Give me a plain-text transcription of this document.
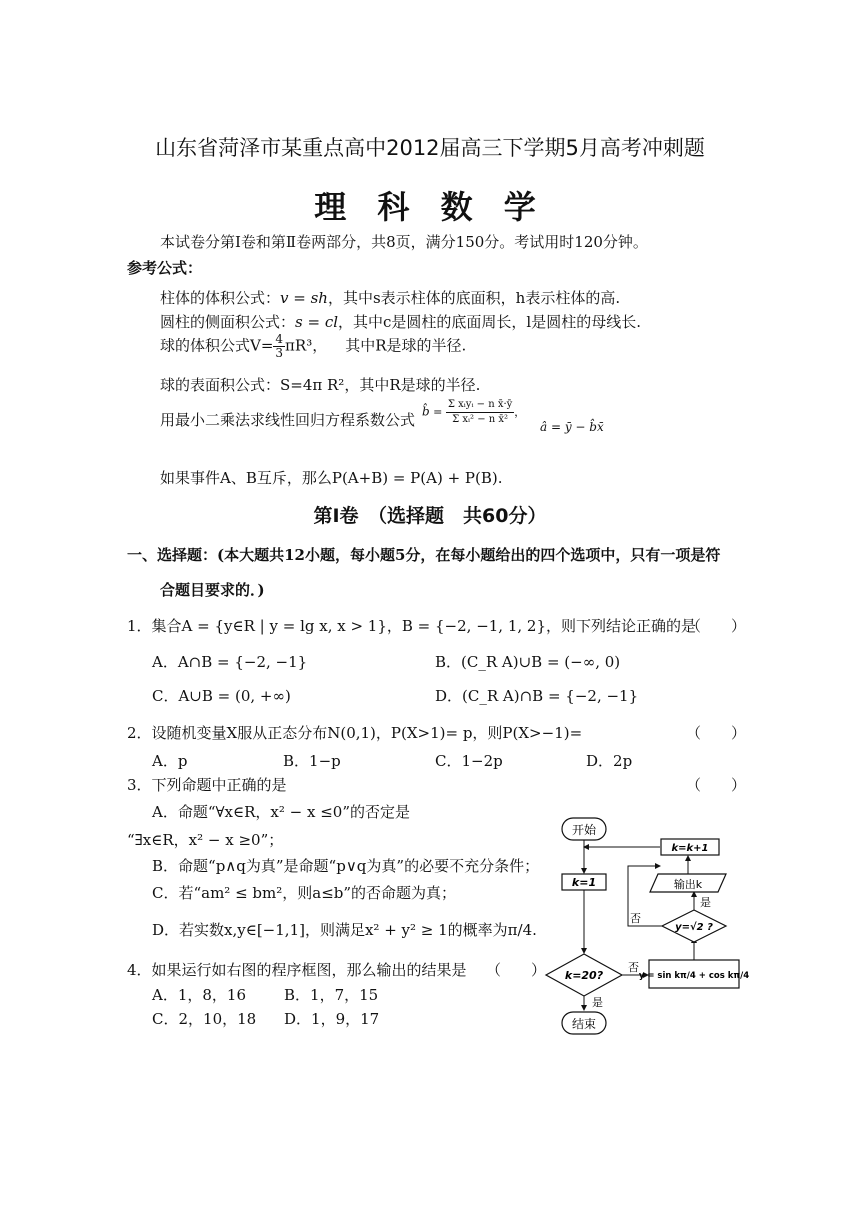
山东省菏泽市某重点高中2012届高三下学期5月高考冲刺题
理 科 数 学
本试卷分第Ⅰ卷和第Ⅱ卷两部分，共8页，满分150分。考试用时120分钟。
参考公式：
柱体的体积公式：v = sh，其中s表示柱体的底面积，h表示柱体的高.
圆柱的侧面积公式：s = cl，其中c是圆柱的底面周长，l是圆柱的母线长.
球的体积公式$V= \frac{4}{3} \pi R^3$， 其中R是球的半径.
球的表面积公式：S=4π R²，其中R是球的半径.
用最小二乘法求线性回归方程系数公式 b̂ = $\frac{\text{Σ xᵢyᵢ − n x̄·ȳ}}{\text{Σ xᵢ² − n x̄²}}$ ，
â = ȳ − b̂x̄
如果事件A、B互斥，那么P(A+B) = P(A) + P(B).
第Ⅰ卷　（选择题　共60分）
一、选择题：(本大题共12小题，每小题5分，在每小题给出的四个选项中，只有一项是符
合题目要求的．)
1．集合A = {y∈R | y = lg x, x > 1}，B = {−2, −1, 1, 2}，则下列结论正确的是
（　　）
A．A∩B = {−2, −1}	B．(C_R A)∪B = (−∞, 0)
C．A∪B = (0, +∞)	D．(C_R A)∩B = {−2, −1}
2．设随机变量X服从正态分布N(0,1)，P(X>1)= p，则P(X>−1)=	（　　）
A．p	B．1−p	C．1−2p	D．2p
3．下列命题中正确的是	（　　）
A．命题“∀x∈R，x² − x ≤0”的否定是
“∃x∈R，x² − x ≥0”；
B．命题“p∧q为真”是命题“p∨q为真”的必要不充分条件；
C．若“am² ≤ bm²，则a≤b”的否命题为真；
D．若实数x,y∈[−1,1]，则满足x² + y² ≥ 1的概率为π/4.
4．如果运行如右图的程序框图，那么输出的结果是 （　　）
A．1，8，16	B．1，7，15
C．2，10，18 D．1，9，17
开始
k=1
k=20?
是
结束
否
y = sin kπ/4 + cos kπ/4
y=√2 ?
否
是
输出k
k=k+1
